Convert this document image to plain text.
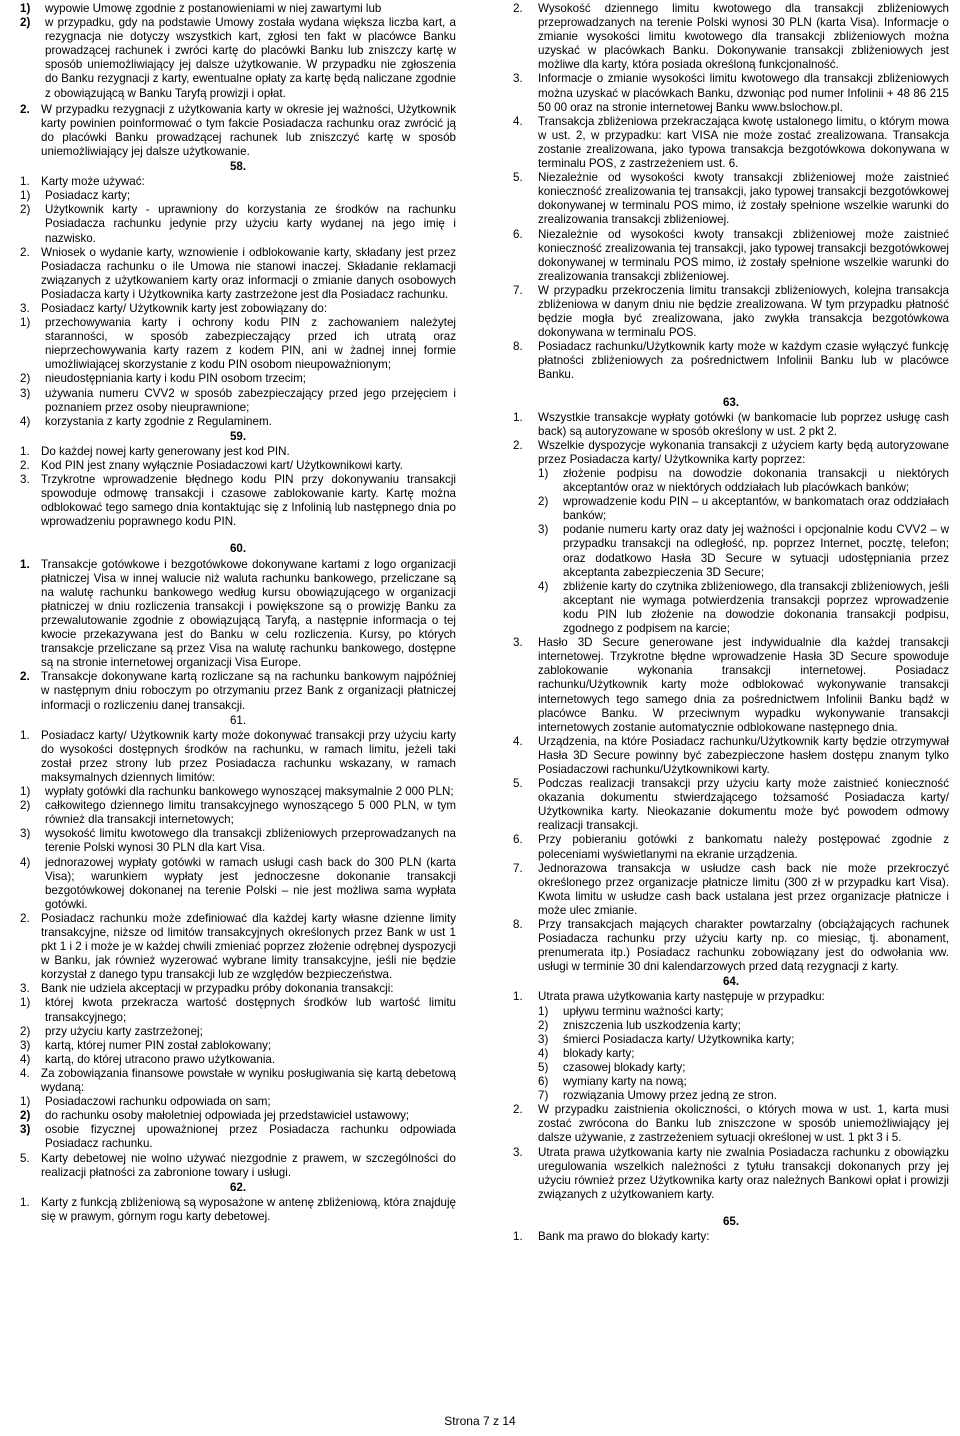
1)	wypowie Umowę zgodnie z postanowieniami w niej zawartymi lub
2)	w przypadku, gdy na podstawie Umowy została wydana większa liczba kart, a rezygnacja nie dotyczy wszystkich kart, zgłosi ten fakt w placówce Banku prowadzącej rachunek i zwróci kartę do placówki Banku lub zniszczy kartę w sposób uniemożliwiający jej dalsze użytkowanie. W przypadku nie zgłoszenia do Banku rezygnacji z karty, ewentualne opłaty za kartę będą naliczane zgodnie z obowiązującą w Banku Taryfą prowizji i opłat.
2. W przypadku rezygnacji z użytkowania karty w okresie jej ważności, Użytkownik karty powinien poinformować o tym fakcie Posiadacza rachunku oraz zwrócić ją do placówki Banku prowadzącej rachunek lub zniszczyć kartę w sposób uniemożliwiający jej dalsze użytkowanie.
58.
1. Karty może używać:
1)	Posiadacz karty;
2)	Użytkownik karty - uprawniony do korzystania ze środków na rachunku Posiadacza rachunku jedynie przy użyciu karty wydanej na jego imię i nazwisko.
2. Wniosek o wydanie karty, wznowienie i odblokowanie karty, składany jest przez Posiadacza rachunku o ile Umowa nie stanowi inaczej. Składanie reklamacji związanych z użytkowaniem karty oraz informacji o zmianie danych osobowych Posiadacza karty i Użytkownika karty zastrzeżone jest dla Posiadacz rachunku.
3. Posiadacz karty/ Użytkownik karty jest zobowiązany do:
1)	przechowywania karty i ochrony kodu PIN z zachowaniem należytej staranności, w sposób zabezpieczający przed ich utratą oraz nieprzechowywania karty razem z kodem PIN, ani w żadnej innej formie umożliwiającej skorzystanie z kodu PIN osobom nieupoważnionym;
2)	nieudostępniania karty i kodu PIN osobom trzecim;
3)	używania numeru CVV2 w sposób zabezpieczający przed jego przejęciem i poznaniem przez osoby nieuprawnione;
4)	korzystania z karty zgodnie z Regulaminem.
59.
1. Do każdej nowej karty generowany jest kod PIN.
2. Kod PIN jest znany wyłącznie Posiadaczowi kart/ Użytkownikowi karty.
3. Trzykrotne wprowadzenie błędnego kodu PIN przy dokonywaniu transakcji spowoduje odmowę transakcji i czasowe zablokowanie karty. Kartę można odblokować tego samego dnia kontaktując się z Infolinią lub następnego dnia po wprowadzeniu poprawnego kodu PIN.
60.
1. Transakcje gotówkowe i bezgotówkowe dokonywane kartami z logo organizacji płatniczej Visa w innej walucie niż waluta rachunku bankowego, przeliczane są na walutę rachunku bankowego według kursu obowiązującego w organizacji płatniczej w dniu rozliczenia transakcji i powiększone są o prowizję Banku za przewalutowanie zgodnie z obowiązującą Taryfą, a następnie informacja o tej kwocie przekazywana jest do Banku w celu rozliczenia. Kursy, po których transakcje przeliczane są przez Visa na walutę rachunku bankowego, dostępne są na stronie internetowej organizacji Visa Europe.
2. Transakcje dokonywane kartą rozliczane są na rachunku bankowym najpóźniej w następnym dniu roboczym po otrzymaniu przez Bank z organizacji płatniczej informacji o rozliczeniu danej transakcji.
61.
1. Posiadacz karty/ Użytkownik karty może dokonywać transakcji przy użyciu karty do wysokości dostępnych środków na rachunku, w ramach limitu, jeżeli taki został przez strony lub przez Posiadacza rachunku wskazany, w ramach maksymalnych dziennych limitów:
1)	wypłaty gotówki dla rachunku bankowego wynoszącej maksymalnie 2 000 PLN;
2)	całkowitego dziennego limitu transakcyjnego wynoszącego 5 000 PLN, w tym również dla transakcji internetowych;
3)	wysokość limitu kwotowego dla transakcji zbliżeniowych przeprowadzanych na terenie Polski wynosi 30 PLN dla kart Visa.
4)	jednorazowej wypłaty gotówki w ramach usługi cash back do 300 PLN (karta Visa); warunkiem wypłaty jest jednoczesne dokonanie transakcji bezgotówkowej dokonanej na terenie Polski – nie jest możliwa sama wypłata gotówki.
2. Posiadacz rachunku może zdefiniować dla każdej karty własne dzienne limity transakcyjne, niższe od limitów transakcyjnych określonych przez Bank w ust 1 pkt 1 i 2 i może je w każdej chwili zmieniać poprzez złożenie odrębnej dyspozycji w Banku, jak również wyzerować wybrane limity transakcyjne, jeśli nie będzie korzystał z danego typu transakcji lub ze względów bezpieczeństwa.
3. Bank nie udziela akceptacji w przypadku próby dokonania transakcji:
1)	której kwota przekracza wartość dostępnych środków lub wartość limitu transakcyjnego;
2)	przy użyciu karty zastrzeżonej;
3)	kartą, której numer PIN został zablokowany;
4)	kartą, do której utracono prawo użytkowania.
4. Za zobowiązania finansowe powstałe w wyniku posługiwania się kartą debetową wydaną:
1)	Posiadaczowi rachunku odpowiada on sam;
2)	do rachunku osoby małoletniej odpowiada jej przedstawiciel ustawowy;
3)	osobie fizycznej upoważnionej przez Posiadacza rachunku odpowiada Posiadacz rachunku.
5. Karty debetowej nie wolno używać niezgodnie z prawem, w szczególności do realizacji płatności za zabronione towary i usługi.
62.
1. Karty z funkcją zbliżeniową są wyposażone w antenę zbliżeniową, która znajduję się w prawym, górnym rogu karty debetowej.
2.	Wysokość dziennego limitu kwotowego dla transakcji zbliżeniowych przeprowadzanych na terenie Polski wynosi 30 PLN (karta Visa). Informacje o zmianie wysokości limitu kwotowego dla transakcji zbliżeniowych można uzyskać w placówkach Banku. Dokonywanie transakcji zbliżeniowych jest możliwe dla karty, która posiada określoną funkcjonalność.
3.	Informacje o zmianie wysokości limitu kwotowego dla transakcji zbliżeniowych można uzyskać w placówkach Banku, dzwoniąc pod numer Infolinii + 48 86 215 50 00 oraz na stronie internetowej Banku www.bslochow.pl.
4.	Transakcja zbliżeniowa przekraczająca kwotę ustalonego limitu, o którym mowa w ust. 2, w przypadku: kart VISA nie może zostać zrealizowana. Transakcja zostanie zrealizowana, jako typowa transakcja bezgotówkowa dokonywana w terminalu POS, z zastrzeżeniem ust. 6.
5.	Niezależnie od wysokości kwoty transakcji zbliżeniowej może zaistnieć konieczność zrealizowania tej transakcji, jako typowej transakcji bezgotówkowej dokonywanej w terminalu POS mimo, iż zostały spełnione wszelkie warunki do zrealizowania transakcji zbliżeniowej.
6.	Niezależnie od wysokości kwoty transakcji zbliżeniowej może zaistnieć konieczność zrealizowania tej transakcji, jako typowej transakcji bezgotówkowej dokonywanej w terminalu POS mimo, iż zostały spełnione wszelkie warunki do zrealizowania transakcji zbliżeniowej.
7.	W przypadku przekroczenia limitu transakcji zbliżeniowych, kolejna transakcja zbliżeniowa w danym dniu nie będzie zrealizowana. W tym przypadku płatność będzie mogła być zrealizowana, jako zwykła transakcja bezgotówkowa dokonywana w terminalu POS.
8.	Posiadacz rachunku/Użytkownik karty może w każdym czasie wyłączyć funkcję płatności zbliżeniowych za pośrednictwem Infolinii Banku lub w placówce Banku.
63.
1.	Wszystkie transakcje wypłaty gotówki (w bankomacie lub poprzez usługę cash back) są autoryzowane w sposób określony w ust. 2 pkt 2.
2.	Wszelkie dyspozycje wykonania transakcji z użyciem karty będą autoryzowane przez Posiadacza karty/ Użytkownika karty poprzez:
1)	złożenie podpisu na dowodzie dokonania transakcji u niektórych akceptantów oraz w niektórych oddziałach lub placówkach banków;
2)	wprowadzenie kodu PIN – u akceptantów, w bankomatach oraz oddziałach banków;
3)	podanie numeru karty oraz daty jej ważności i opcjonalnie kodu CVV2 – w przypadku transakcji na odległość, np. poprzez Internet, pocztę, telefon; oraz dodatkowo Hasła 3D Secure w sytuacji udostępniania przez akceptanta zabezpieczenia 3D Secure;
4)	zbliżenie karty do czytnika zbliżeniowego, dla transakcji zbliżeniowych, jeśli akceptant nie wymaga potwierdzenia transakcji poprzez wprowadzenie kodu PIN lub złożenie na dowodzie dokonania transakcji podpisu, zgodnego z podpisem na karcie;
3.	Hasło 3D Secure generowane jest indywidualnie dla każdej transakcji internetowej. Trzykrotne błędne wprowadzenie Hasła 3D Secure spowoduje zablokowanie wykonania transakcji internetowej. Posiadacz rachunku/Użytkownik karty może odblokować wykonywanie transakcji internetowych tego samego dnia za pośrednictwem Infolinii Banku bądź w placówce Banku. W przeciwnym wypadku wykonywanie transakcji internetowych zostanie automatycznie odblokowane następnego dnia.
4.	Urządzenia, na które Posiadacz rachunku/Użytkownik karty będzie otrzymywał Hasła 3D Secure powinny być zabezpieczone hasłem dostępu znanym tylko Posiadaczowi rachunku/Użytkownikowi karty.
5.	Podczas realizacji transakcji przy użyciu karty może zaistnieć konieczność okazania dokumentu stwierdzającego tożsamość Posiadacza karty/ Użytkownika karty. Nieokazanie dokumentu może być powodem odmowy realizacji transakcji.
6.	Przy pobieraniu gotówki z bankomatu należy postępować zgodnie z poleceniami wyświetlanymi na ekranie urządzenia.
7.	Jednorazowa transakcja w usłudze cash back nie może przekroczyć określonego przez organizacje płatnicze limitu (300 zł w przypadku kart Visa). Kwota limitu w usłudze cash back ustalana jest przez organizacje płatnicze i może ulec zmianie.
8.	Przy transakcjach mających charakter powtarzalny (obciążających rachunek Posiadacza rachunku przy użyciu karty np. co miesiąc, tj. abonament, prenumerata itp.) Posiadacz rachunku zobowiązany jest do odwołania ww. usługi w terminie 30 dni kalendarzowych przed datą rezygnacji z karty.
64.
1.	Utrata prawa użytkowania karty następuje w przypadku:
1)	upływu terminu ważności karty;
2)	zniszczenia lub uszkodzenia karty;
3)	śmierci Posiadacza karty/ Użytkownika karty;
4)	blokady karty;
5)	czasowej blokady karty;
6)	wymiany karty na nową;
7)	rozwiązania Umowy przez jedną ze stron.
2.	W przypadku zaistnienia okoliczności, o których mowa w ust. 1, karta musi zostać zwrócona do Banku lub zniszczone w sposób uniemożliwiający jej dalsze używanie, z zastrzeżeniem sytuacji określonej w ust. 1 pkt 3 i 5.
3.	Utrata prawa użytkowania karty nie zwalnia Posiadacza rachunku z obowiązku uregulowania wszelkich należności z tytułu transakcji dokonanych przy jej użyciu również przez Użytkownika karty oraz należnych Bankowi opłat i prowizji związanych z użytkowaniem karty.
65.
1.	Bank ma prawo do blokady karty:
Strona 7 z 14
